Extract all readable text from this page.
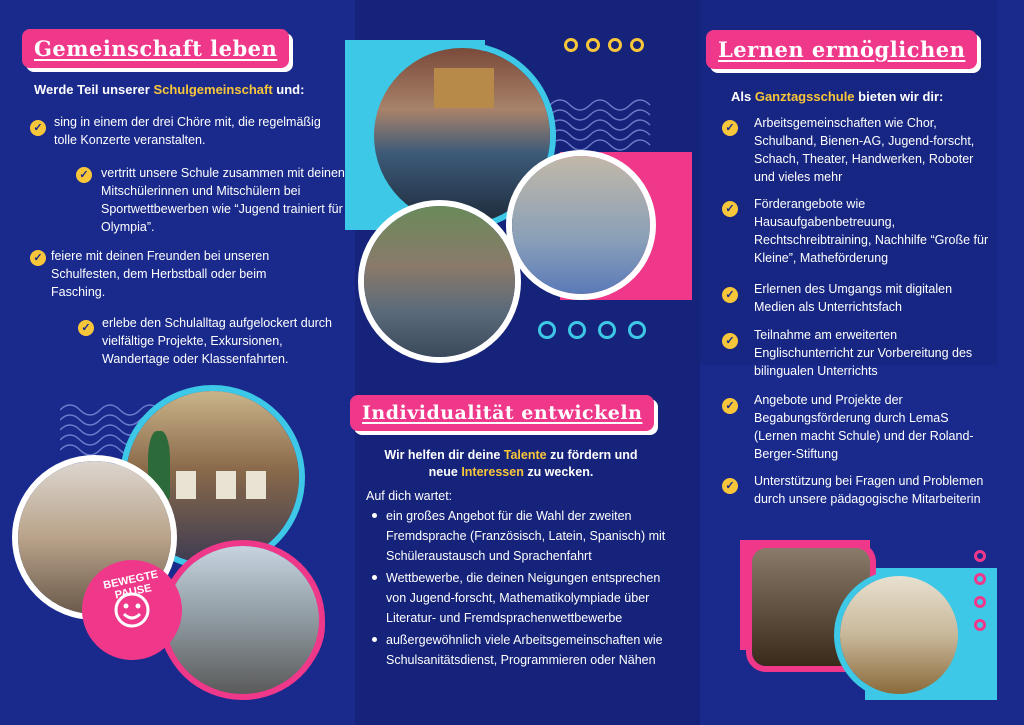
Gemeinschaft leben
Werde Teil unserer Schulgemeinschaft und:
✓ sing in einem der drei Chöre mit, die regelmäßig tolle Konzerte veranstalten.
✓ vertritt unsere Schule zusammen mit deinen Mitschülerinnen und Mitschülern bei Sportwettbewerben wie “Jugend trainiert für Olympia”.
✓ feiere mit deinen Freunden bei unseren Schulfesten, dem Herbstball oder beim Fasching.
✓ erlebe den Schulalltag aufgelockert durch vielfältige Projekte, Exkursionen, Wandertage oder Klassenfahrten.
BEWEGTE PAUSE
Individualität entwickeln
Wir helfen dir deine Talente zu fördern und
neue Interessen zu wecken.
Auf dich wartet:
ein großes Angebot für die Wahl der zweiten Fremdsprache (Französisch, Latein, Spanisch) mit Schüleraustausch und Sprachenfahrt
Wettbewerbe, die deinen Neigungen entsprechen von Jugend-forscht, Mathematikolympiade über Literatur- und Fremdsprachenwettbewerbe
außergewöhnlich viele Arbeitsgemeinschaften wie Schulsanitätsdienst, Programmieren oder Nähen
Lernen ermöglichen
Als Ganztagsschule bieten wir dir:
✓ Arbeitsgemeinschaften wie Chor, Schulband, Bienen-AG, Jugend-forscht, Schach, Theater, Handwerken, Roboter und vieles mehr
✓ Förderangebote wie Hausaufgabenbetreuung, Rechtschreibtraining, Nachhilfe “Große für Kleine”, Matheförderung
✓ Erlernen des Umgangs mit digitalen Medien als Unterrichtsfach
✓ Teilnahme am erweiterten Englischunterricht zur Vorbereitung des bilingualen Unterrichts
✓ Angebote und Projekte der Begabungsförderung durch LemaS (Lernen macht Schule) und der Roland-Berger-Stiftung
✓ Unterstützung bei Fragen und Problemen durch unsere pädagogische Mitarbeiterin
